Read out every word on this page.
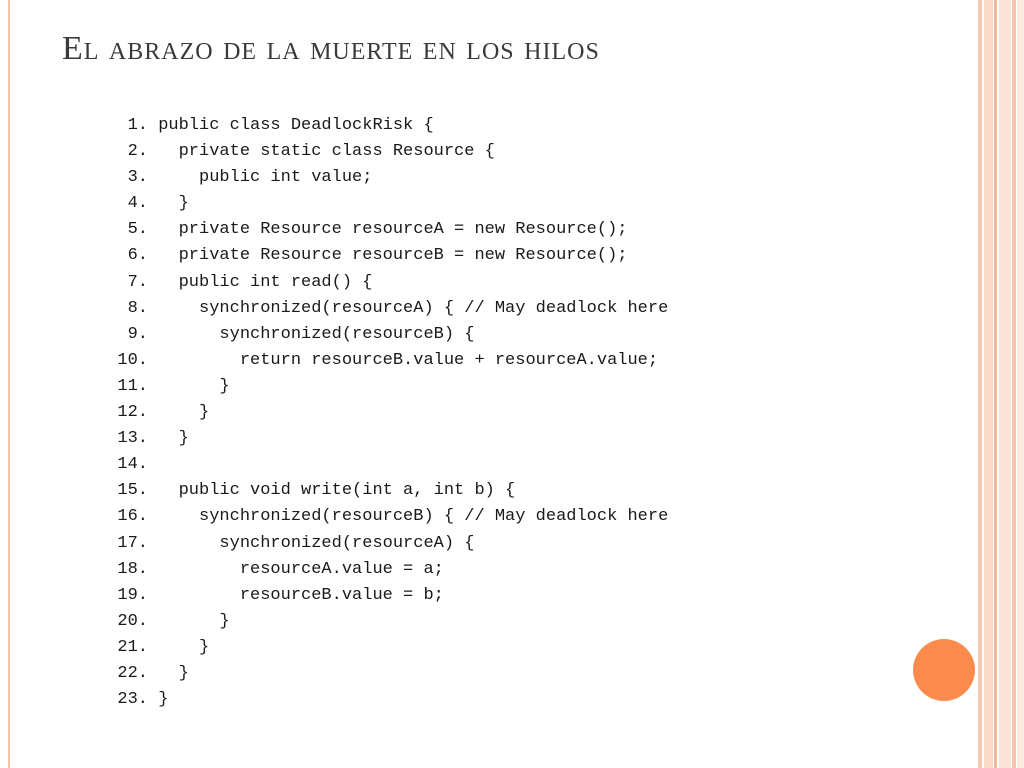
El abrazo de la muerte en los hilos
1. public class DeadlockRisk {
2.   private static class Resource {
3.     public int value;
4.   }
5.   private Resource resourceA = new Resource();
6.   private Resource resourceB = new Resource();
7.   public int read() {
8.     synchronized(resourceA) { // May deadlock here
9.       synchronized(resourceB) {
10.         return resourceB.value + resourceA.value;
11.       }
12.     }
13.   }
14.
15.   public void write(int a, int b) {
16.     synchronized(resourceB) { // May deadlock here
17.       synchronized(resourceA) {
18.         resourceA.value = a;
19.         resourceB.value = b;
20.       }
21.     }
22.   }
23. }
